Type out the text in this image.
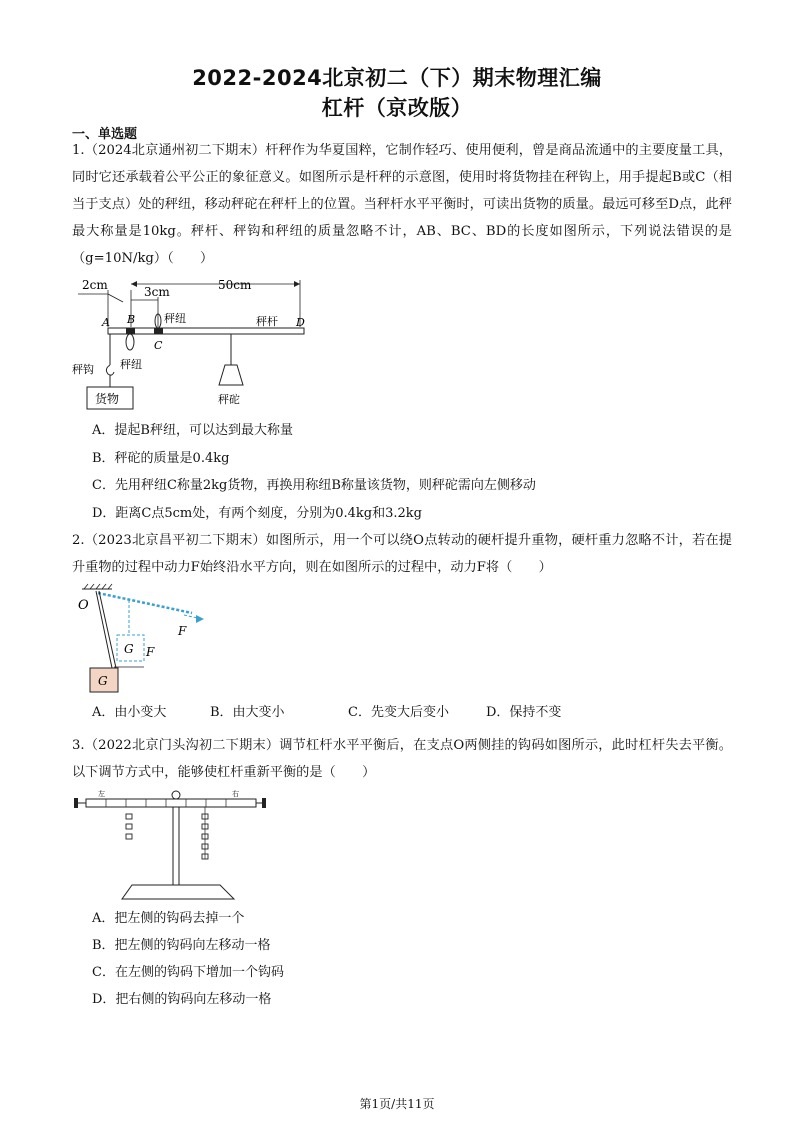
2022-2024北京初二（下）期末物理汇编
杠杆（京改版）
一、单选题
1.（2024北京通州初二下期末）杆秤作为华夏国粹，它制作轻巧、使用便利，曾是商品流通中的主要度量工具，同时它还承载着公平公正的象征意义。如图所示是杆秤的示意图，使用时将货物挂在秤钩上，用手提起B或C（相当于支点）处的秤纽，移动秤砣在秤杆上的位置。当秤杆水平平衡时，可读出货物的质量。最远可移至D点，此秤最大称量是10kg。秤杆、秤钩和秤纽的质量忽略不计，AB、BC、BD的长度如图所示，下列说法错误的是（g=10N/kg）（　　）
2cm	3cm	50cm
A B
C
D
秤纽	秤杆
秤纽
秤钩
货物	秤砣
A．提起B秤纽，可以达到最大称量
B．秤砣的质量是0.4kg
C．先用秤纽C称量2kg货物，再换用称纽B称量该货物，则秤砣需向左侧移动
D．距离C点5cm处，有两个刻度，分别为0.4kg和3.2kg
2.（2023北京昌平初二下期末）如图所示，用一个可以绕O点转动的硬杆提升重物，硬杆重力忽略不计，若在提升重物的过程中动力F始终沿水平方向，则在如图所示的过程中，动力F将（　　）
O
F
G F
G
A．由小变大	B．由大变小	C．先变大后变小	D．保持不变
3.（2022北京门头沟初二下期末）调节杠杆水平平衡后，在支点O两侧挂的钩码如图所示，此时杠杆失去平衡。以下调节方式中，能够使杠杆重新平衡的是（　　）
左	右
A．把左侧的钩码去掉一个
B．把左侧的钩码向左移动一格
C．在左侧的钩码下增加一个钩码
D．把右侧的钩码向左移动一格
第1页/共11页
